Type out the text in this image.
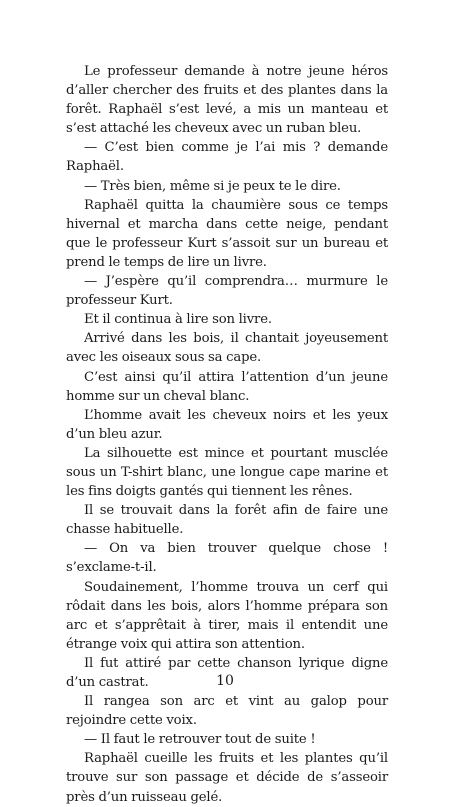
Le professeur demande à notre jeune héros d’aller chercher des fruits et des plantes dans la forêt. Raphaël s’est levé, a mis un manteau et s’est attaché les cheveux avec un ruban bleu.

— C’est bien comme je l’ai mis ? demande Raphaël.

— Très bien, même si je peux te le dire.

Raphaël quitta la chaumière sous ce temps hivernal et marcha dans cette neige, pendant que le professeur Kurt s’assoit sur un bureau et prend le temps de lire un livre.

— J’espère qu’il comprendra… murmure le professeur Kurt.

Et il continua à lire son livre.

Arrivé dans les bois, il chantait joyeusement avec les oiseaux sous sa cape.

C’est ainsi qu’il attira l’attention d’un jeune homme sur un cheval blanc.

L’homme avait les cheveux noirs et les yeux d’un bleu azur.

La silhouette est mince et pourtant musclée sous un T-shirt blanc, une longue cape marine et les fins doigts gantés qui tiennent les rênes.

Il se trouvait dans la forêt afin de faire une chasse habituelle.

— On va bien trouver quelque chose ! s’exclame-t-il.

Soudainement, l’homme trouva un cerf qui rôdait dans les bois, alors l’homme prépara son arc et s’apprêtait à tirer, mais il entendit une étrange voix qui attira son attention.

Il fut attiré par cette chanson lyrique digne d’un castrat.

Il rangea son arc et vint au galop pour rejoindre cette voix.

— Il faut le retrouver tout de suite !

Raphaël cueille les fruits et les plantes qu’il trouve sur son passage et décide de s’asseoir près d’un ruisseau gelé.

10
